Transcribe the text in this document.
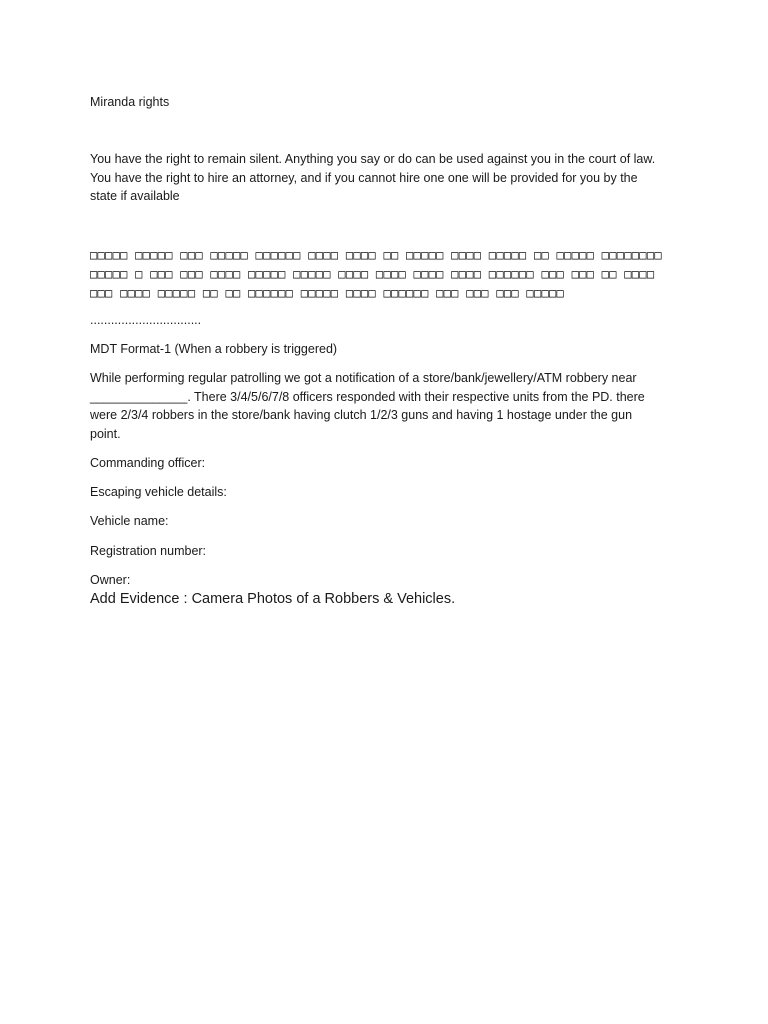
Miranda rights
You have the right to remain silent. Anything you say or do can be used against you in the court of law.
You have the right to hire an attorney, and if you cannot hire one one will be provided for you by the
state if available
□□□□□ □□□□□ □□□ □□□□□ □□□□□□ □□□□ □□□□ □□ □□□□□ □□□□ □□□□□ □□ □□□□□ □□□□□□□□
□□□□□ □ □□□ □□□ □□□□ □□□□□ □□□□□ □□□□ □□□□ □□□□ □□□□ □□□□□□ □□□ □□□ □□ □□□□
□□□ □□□□ □□□□□ □□ □□ □□□□□□ □□□□□ □□□□ □□□□□□ □□□ □□□ □□□ □□□□□
................................
MDT Format-1 (When a robbery is triggered)
While performing regular patrolling we got a notification of a store/bank/jewellery/ATM robbery near
______________. There 3/4/5/6/7/8 officers responded with their respective units from the PD. there
were 2/3/4 robbers in the store/bank having clutch 1/2/3 guns and having 1 hostage under the gun
point.
Commanding officer:
Escaping vehicle details:
Vehicle name:
Registration number:
Owner:
Add Evidence : Camera Photos of a Robbers & Vehicles.
